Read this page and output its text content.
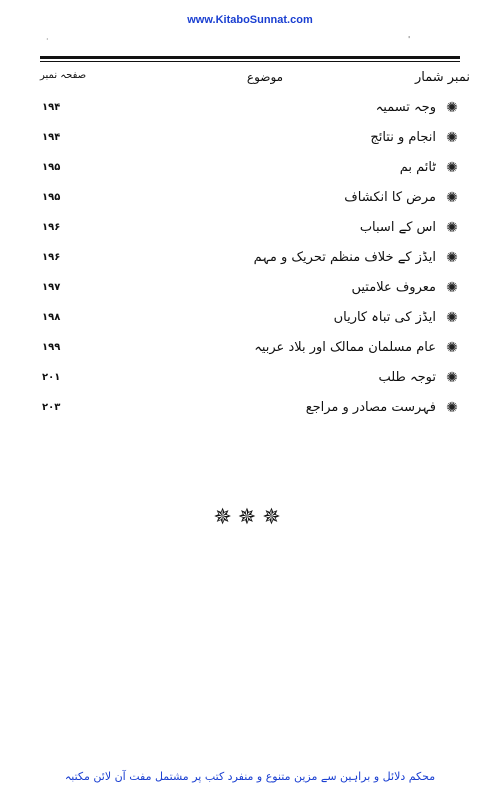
www.KitaboSunnat.com
·	'
نمبر شمار
موضوع
صفحہ نمبر
✺
وجہ تسمیہ
۱۹۴
✺
انجام و نتائج
۱۹۴
✺
ٹائم بم
۱۹۵
✺
مرض کا انکشاف
۱۹۵
✺
اس کے اسباب
۱۹۶
✺
ایڈز کے خلاف منظم تحریک و مہم
۱۹۶
✺
معروف علامتیں
۱۹۷
✺
ایڈز کی تباہ کاریاں
۱۹۸
✺
عام مسلمان ممالک اور بلاد عربیہ
۱۹۹
✺
توجہ طلب
۲۰۱
✺
فہرست مصادر و مراجع
۲۰۳
✵✵✵
محکم دلائل و براہین سے مزین متنوع و منفرد کتب پر مشتمل مفت آن لائن مکتبہ
